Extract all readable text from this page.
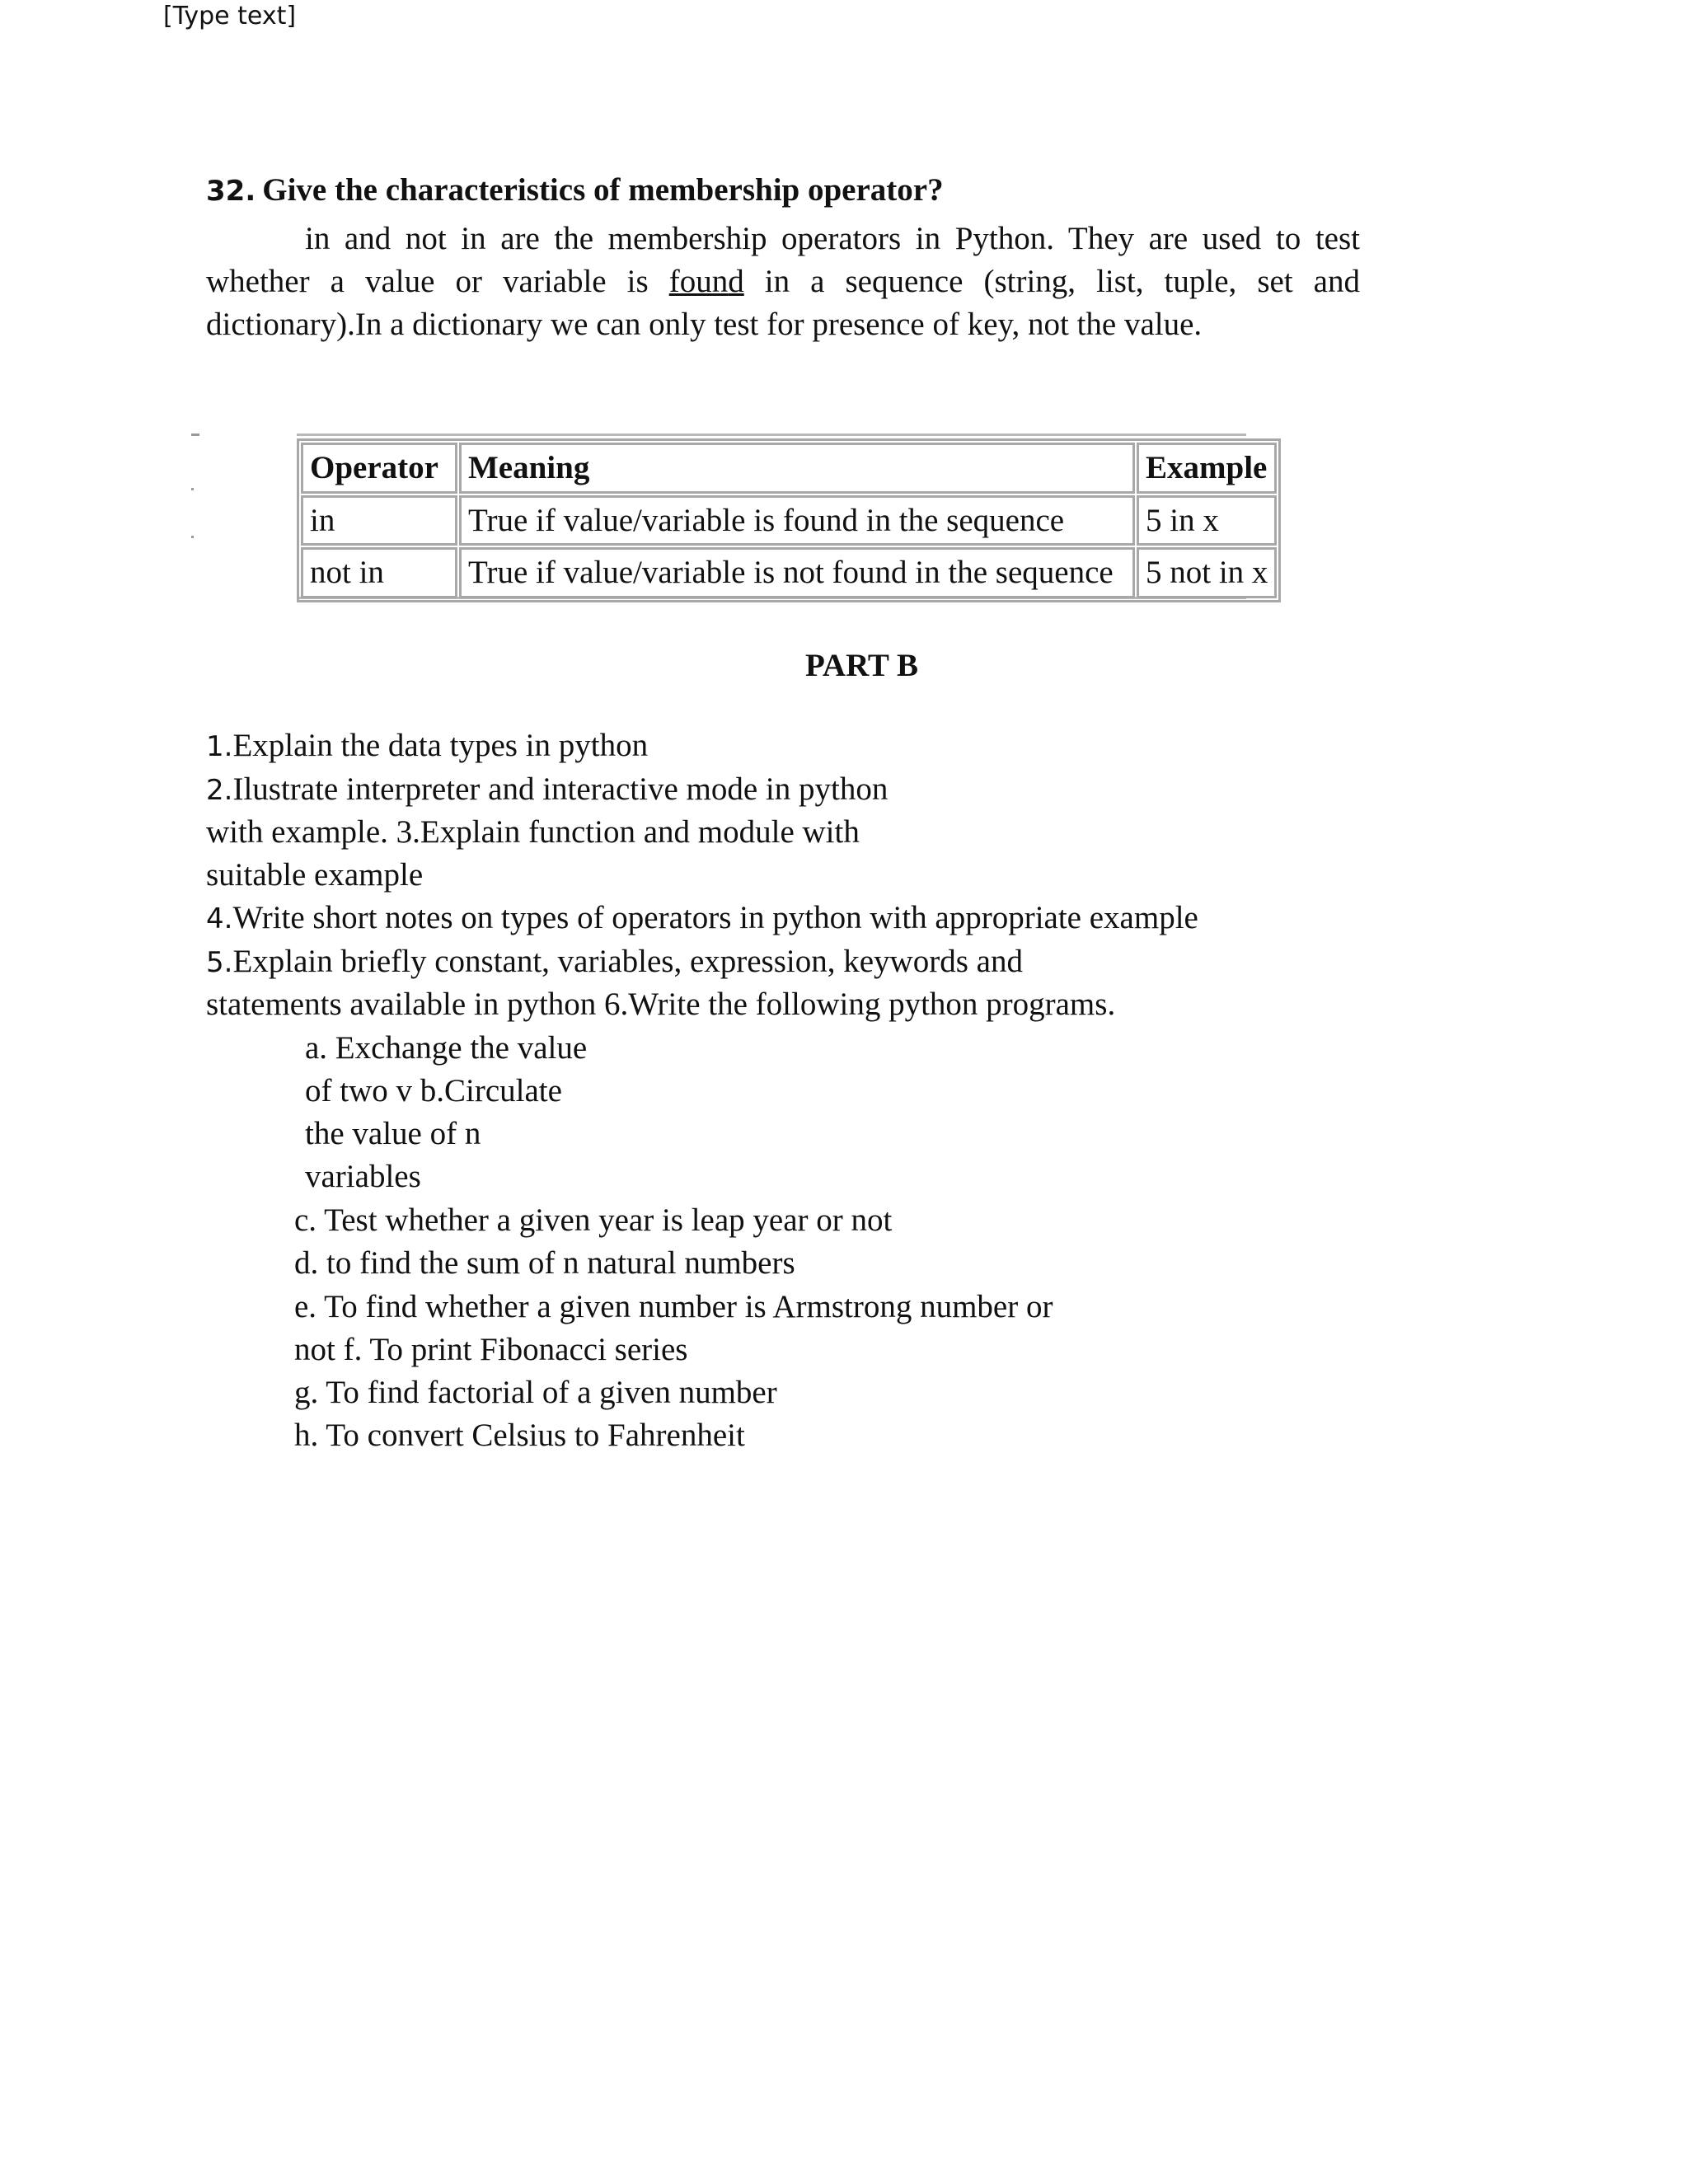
[Type text]
32. Give the characteristics of membership operator?
in and not in are the membership operators in Python. They are used to test
whether a value or variable is found in a sequence (string, list, tuple, set and
dictionary).In a dictionary we can only test for presence of key, not the value.
Operator	Meaning	Example
in	True if value/variable is found in the sequence	5 in x
not in	True if value/variable is not found in the sequence	5 not in x
PART B
1.Explain the data types in python
2.Ilustrate interpreter and interactive mode in python
with example. 3.Explain function and module with
suitable example
4.Write short notes on types of operators in python with appropriate example
5.Explain briefly constant, variables, expression, keywords and
statements available in python 6.Write the following python programs.
a. Exchange the value
of two v b.Circulate
the value of n
variables
c. Test whether a given year is leap year or not
d. to find the sum of n natural numbers
e. To find whether a given number is Armstrong number or
not f. To print Fibonacci series
g. To find factorial of a given number
h. To convert Celsius to Fahrenheit
